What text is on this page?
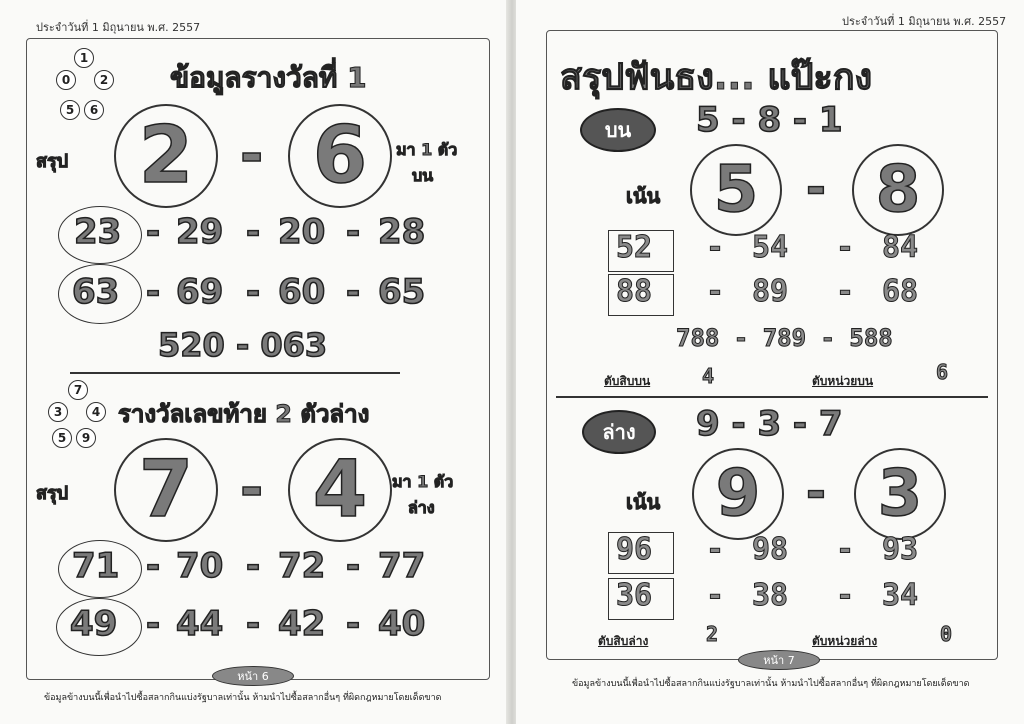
ประจำวันที่ 1 มิถุนายน พ.ศ. 2557
1
0	2
5	6
ข้อมูลรางวัลที่ 1
สรุป 2 - 6 มา 1 ตัว
บน
23 - 29 - 20 - 28
63 - 69 - 60 - 65
520 - 063
7
3	4
5	9
รางวัลเลขท้าย 2 ตัวล่าง
สรุป 7 - 4 มา 1 ตัว
ล่าง
71 - 70 - 72 - 77
49 - 44 - 42 - 40
หน้า 6
ข้อมูลข้างบนนี้เพื่อนำไปซื้อสลากกินแบ่งรัฐบาลเท่านั้น ห้ามนำไปซื้อสลากอื่นๆ ที่ผิดกฎหมายโดยเด็ดขาด
ประจำวันที่ 1 มิถุนายน พ.ศ. 2557
สรุปฟันธง... แป๊ะกง
บน	5 - 8 - 1
เน้น 5 - 8
52 - 54 - 84
88 - 89 - 68
788 - 789 - 588
ตับสิบบน	4	ตับหน่วยบน	6
ล่าง	9 - 3 - 7
เน้น 9 - 3
96 - 98 - 93
36 - 38 - 34
ตับสิบล่าง	2	ตับหน่วยล่าง	0
หน้า 7
ข้อมูลข้างบนนี้เพื่อนำไปซื้อสลากกินแบ่งรัฐบาลเท่านั้น ห้ามนำไปซื้อสลากอื่นๆ ที่ผิดกฎหมายโดยเด็ดขาด
